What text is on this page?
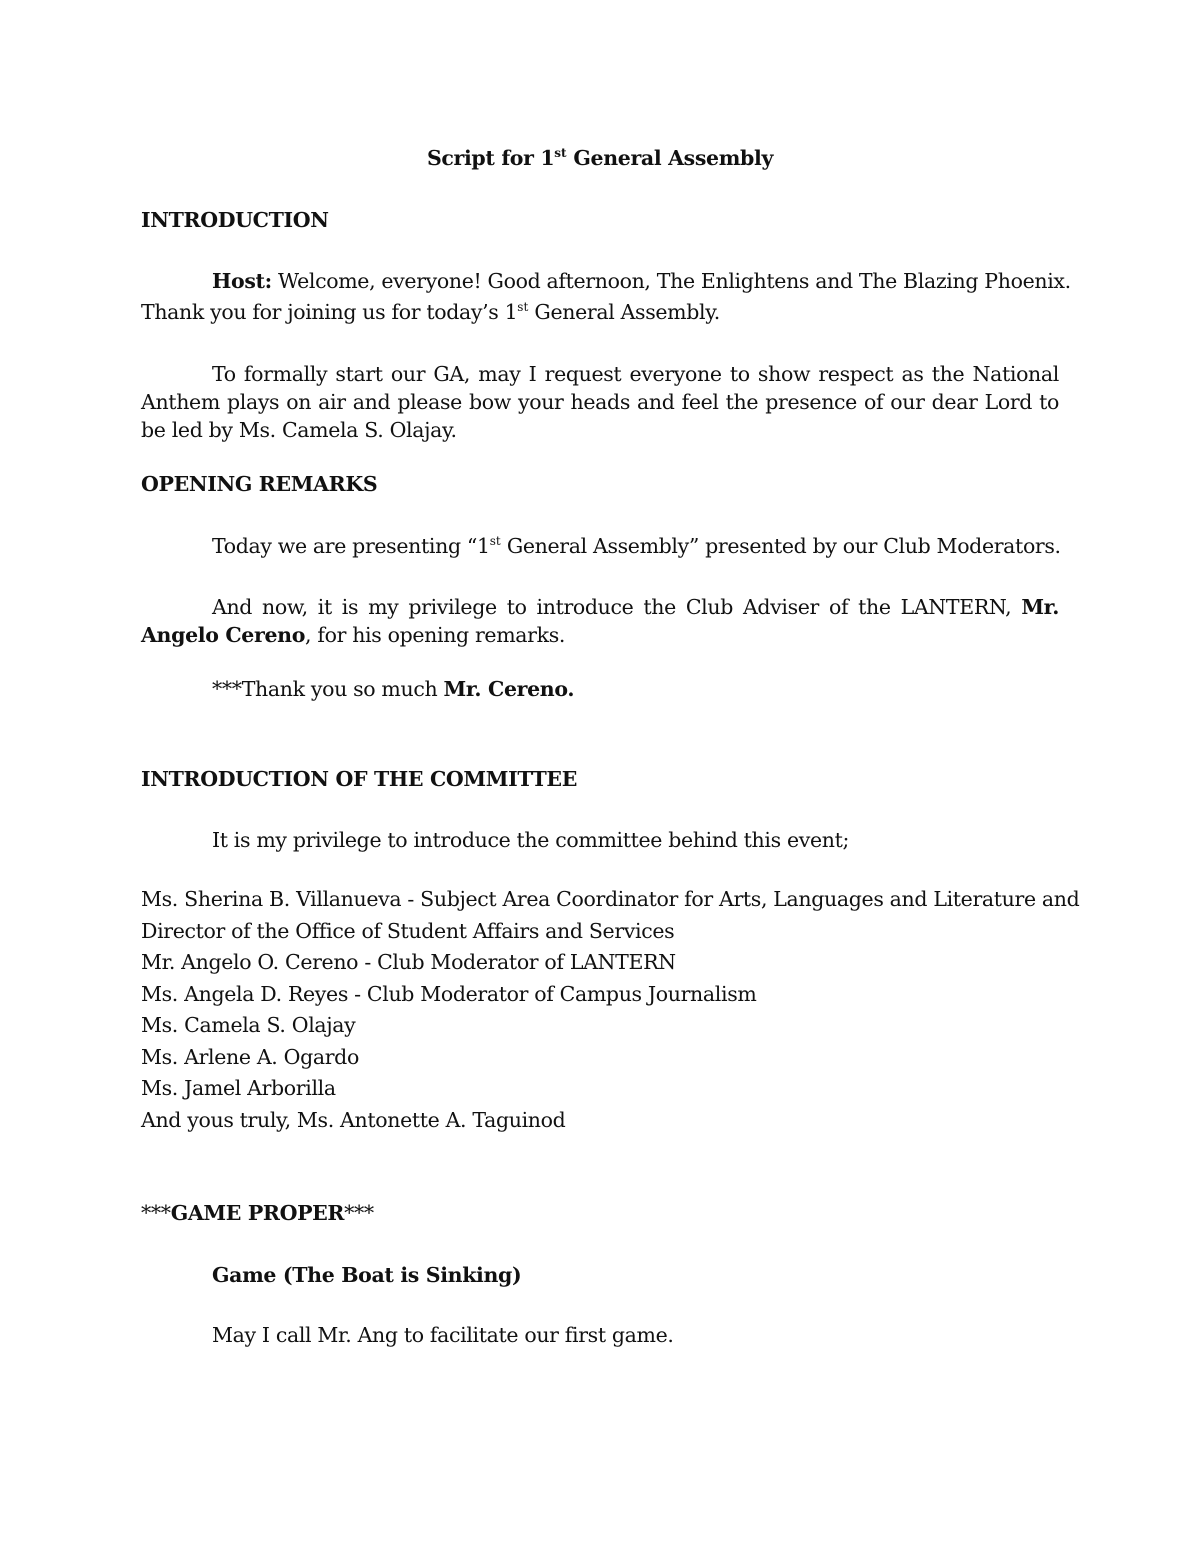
Script for 1st General Assembly
INTRODUCTION
Host: Welcome, everyone! Good afternoon, The Enlightens and The Blazing Phoenix.
Thank you for joining us for today’s 1st General Assembly.
To formally start our GA, may I request everyone to show respect as the National
Anthem plays on air and please bow your heads and feel the presence of our dear Lord to
be led by Ms. Camela S. Olajay.
OPENING REMARKS
Today we are presenting “1st General Assembly” presented by our Club Moderators.
And now, it is my privilege to introduce the Club Adviser of the LANTERN, Mr.
Angelo Cereno, for his opening remarks.
***Thank you so much Mr. Cereno.
INTRODUCTION OF THE COMMITTEE
It is my privilege to introduce the committee behind this event;
Ms. Sherina B. Villanueva - Subject Area Coordinator for Arts, Languages and Literature and
Director of the Office of Student Affairs and Services
Mr. Angelo O. Cereno - Club Moderator of LANTERN
Ms. Angela D. Reyes - Club Moderator of Campus Journalism
Ms. Camela S. Olajay
Ms. Arlene A. Ogardo
Ms. Jamel Arborilla
And yous truly, Ms. Antonette A. Taguinod
***GAME PROPER***
Game (The Boat is Sinking)
May I call Mr. Ang to facilitate our first game.
